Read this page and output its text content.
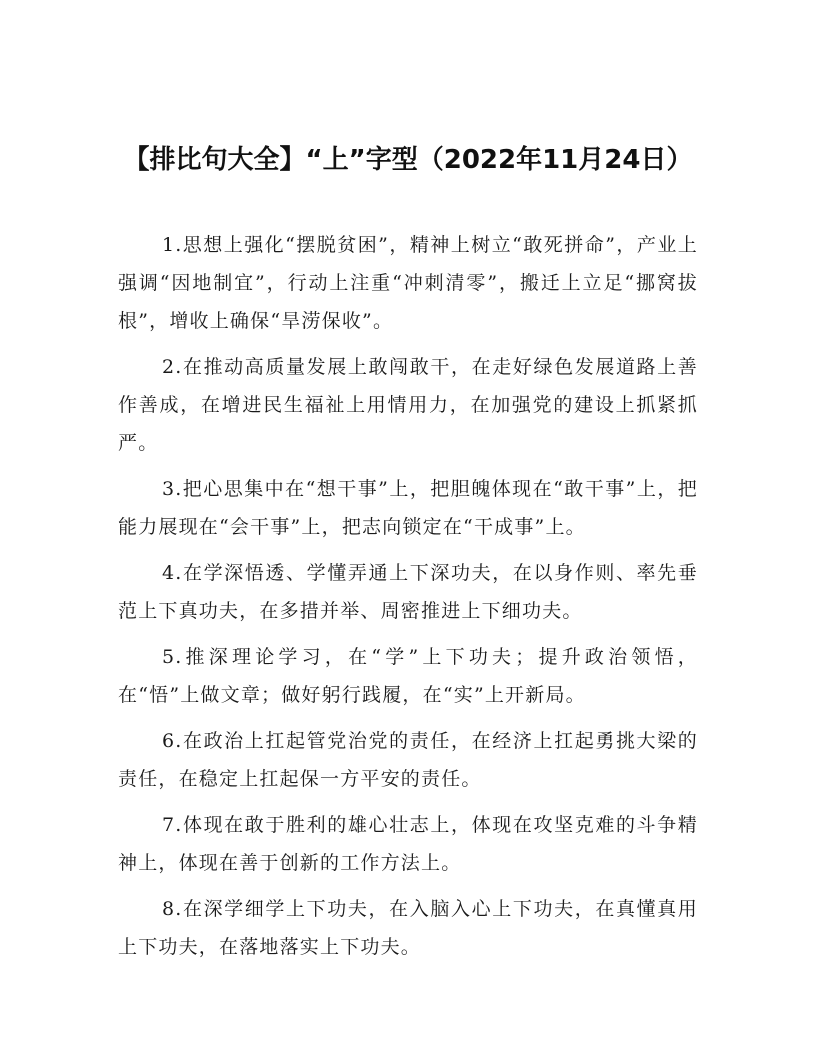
【排比句大全】“上”字型（2022年11月24日）

1.思想上强化“摆脱贫困”，精神上树立“敢死拼命”，产业上强调“因地制宜”，行动上注重“冲刺清零”，搬迁上立足“挪窝拔根”，增收上确保“旱涝保收”。

2.在推动高质量发展上敢闯敢干，在走好绿色发展道路上善作善成，在增进民生福祉上用情用力，在加强党的建设上抓紧抓严。

3.把心思集中在“想干事”上，把胆魄体现在“敢干事”上，把能力展现在“会干事”上，把志向锁定在“干成事”上。

4.在学深悟透、学懂弄通上下深功夫，在以身作则、率先垂范上下真功夫，在多措并举、周密推进上下细功夫。

5.推深理论学习，在“学”上下功夫；提升政治领悟，在“悟”上做文章；做好躬行践履，在“实”上开新局。

6.在政治上扛起管党治党的责任，在经济上扛起勇挑大梁的责任，在稳定上扛起保一方平安的责任。

7.体现在敢于胜利的雄心壮志上，体现在攻坚克难的斗争精神上，体现在善于创新的工作方法上。

8.在深学细学上下功夫，在入脑入心上下功夫，在真懂真用上下功夫，在落地落实上下功夫。
